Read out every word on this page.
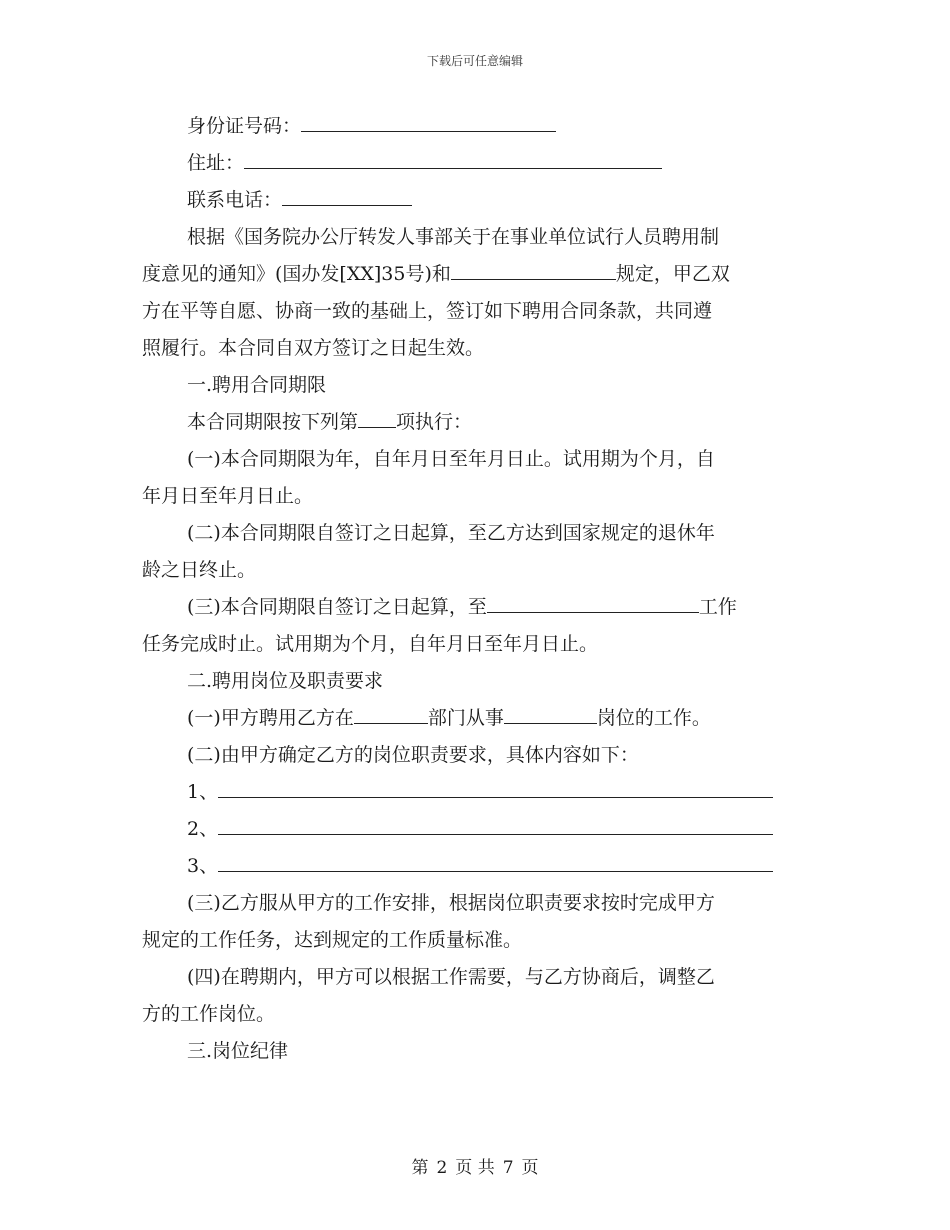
下载后可任意编辑
身份证号码：
住址：
联系电话：
根据《国务院办公厅转发人事部关于在事业单位试行人员聘用制
度意见的通知》(国办发[XX]35号)和	规定，甲乙双
方在平等自愿、协商一致的基础上，签订如下聘用合同条款，共同遵
照履行。本合同自双方签订之日起生效。
一.聘用合同期限
本合同期限按下列第 项执行：
(一)本合同期限为年，自年月日至年月日止。试用期为个月，自
年月日至年月日止。
(二)本合同期限自签订之日起算，至乙方达到国家规定的退休年
龄之日终止。
(三)本合同期限自签订之日起算，至	工作
任务完成时止。试用期为个月，自年月日至年月日止。
二.聘用岗位及职责要求
(一)甲方聘用乙方在	部门从事	岗位的工作。
(二)由甲方确定乙方的岗位职责要求，具体内容如下：
1、
2、
3、
(三)乙方服从甲方的工作安排，根据岗位职责要求按时完成甲方
规定的工作任务，达到规定的工作质量标准。
(四)在聘期内，甲方可以根据工作需要，与乙方协商后，调整乙
方的工作岗位。
三.岗位纪律
第 2 页 共 7 页
